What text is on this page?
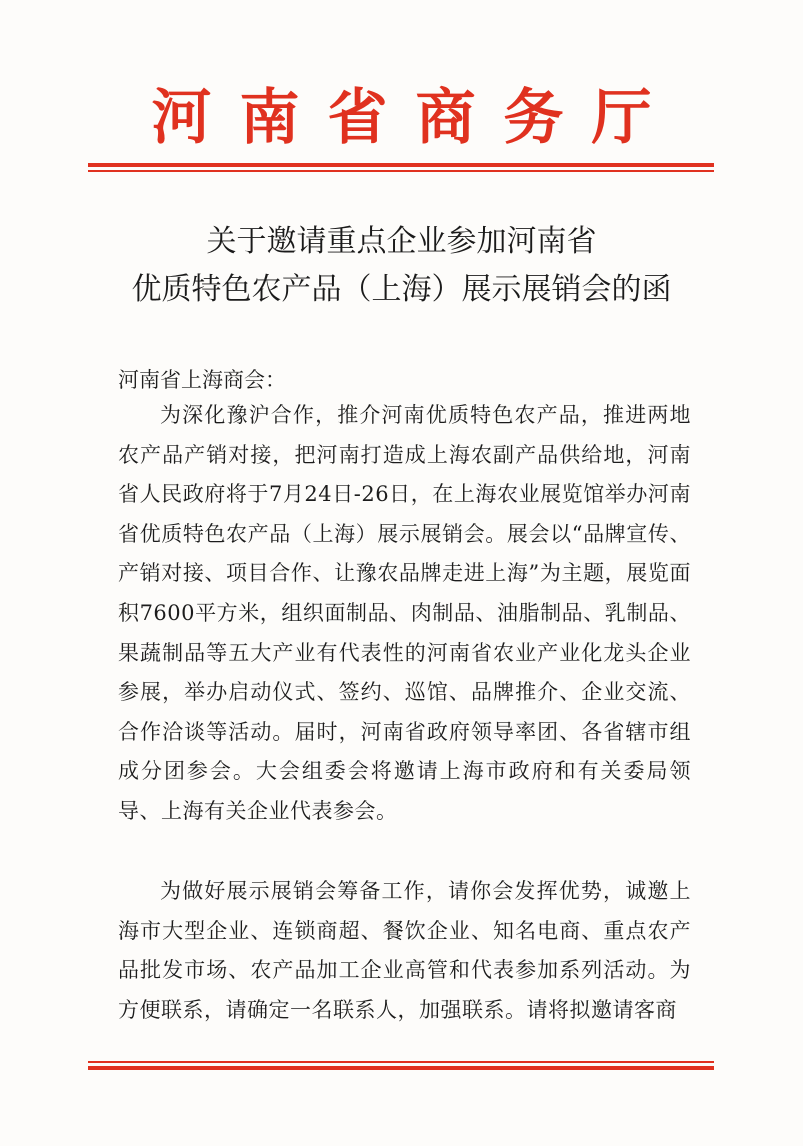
河南省商务厅
关于邀请重点企业参加河南省
优质特色农产品（上海）展示展销会的函
河南省上海商会：
为深化豫沪合作，推介河南优质特色农产品，推进两地农产品产销对接，把河南打造成上海农副产品供给地，河南省人民政府将于7月24日-26日，在上海农业展览馆举办河南省优质特色农产品（上海）展示展销会。展会以“品牌宣传、产销对接、项目合作、让豫农品牌走进上海”为主题，展览面积7600平方米，组织面制品、肉制品、油脂制品、乳制品、果蔬制品等五大产业有代表性的河南省农业产业化龙头企业参展，举办启动仪式、签约、巡馆、品牌推介、企业交流、合作洽谈等活动。届时，河南省政府领导率团、各省辖市组成分团参会。大会组委会将邀请上海市政府和有关委局领导、上海有关企业代表参会。
为做好展示展销会筹备工作，请你会发挥优势，诚邀上海市大型企业、连锁商超、餐饮企业、知名电商、重点农产品批发市场、农产品加工企业高管和代表参加系列活动。为方便联系，请确定一名联系人，加强联系。请将拟邀请客商
